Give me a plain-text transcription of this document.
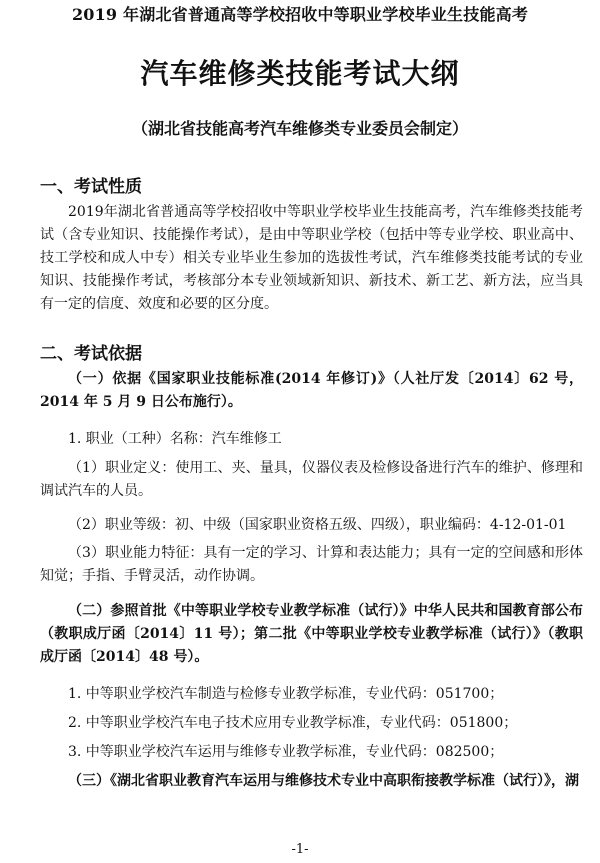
2019 年湖北省普通高等学校招收中等职业学校毕业生技能高考
汽车维修类技能考试大纲
（湖北省技能高考汽车维修类专业委员会制定）
一、考试性质

2019年湖北省普通高等学校招收中等职业学校毕业生技能高考，汽车维修类技能考试（含专业知识、技能操作考试），是由中等职业学校（包括中等专业学校、职业高中、技工学校和成人中专）相关专业毕业生参加的选拔性考试，汽车维修类技能考试的专业知识、技能操作考试，考核部分本专业领域新知识、新技术、新工艺、新方法，应当具有一定的信度、效度和必要的区分度。

二、考试依据

（一）依据《国家职业技能标准(2014 年修订)》（人社厅发〔2014〕62 号，2014 年 5 月 9 日公布施行）。

1. 职业（工种）名称：汽车维修工

（1）职业定义：使用工、夹、量具，仪器仪表及检修设备进行汽车的维护、修理和调试汽车的人员。

（2）职业等级：初、中级（国家职业资格五级、四级），职业编码：4-12-01-01

（3）职业能力特征：具有一定的学习、计算和表达能力；具有一定的空间感和形体知觉；手指、手臂灵活，动作协调。

（二）参照首批《中等职业学校专业教学标准（试行）》中华人民共和国教育部公布（教职成厅函〔2014〕11 号）；第二批《中等职业学校专业教学标准（试行）》（教职成厅函〔2014〕48 号）。

1. 中等职业学校汽车制造与检修专业教学标准，专业代码：051700；
2. 中等职业学校汽车电子技术应用专业教学标准，专业代码：051800；
3. 中等职业学校汽车运用与维修专业教学标准，专业代码：082500；
（三）《湖北省职业教育汽车运用与维修技术专业中高职衔接教学标准（试行）》，湖
-1-
